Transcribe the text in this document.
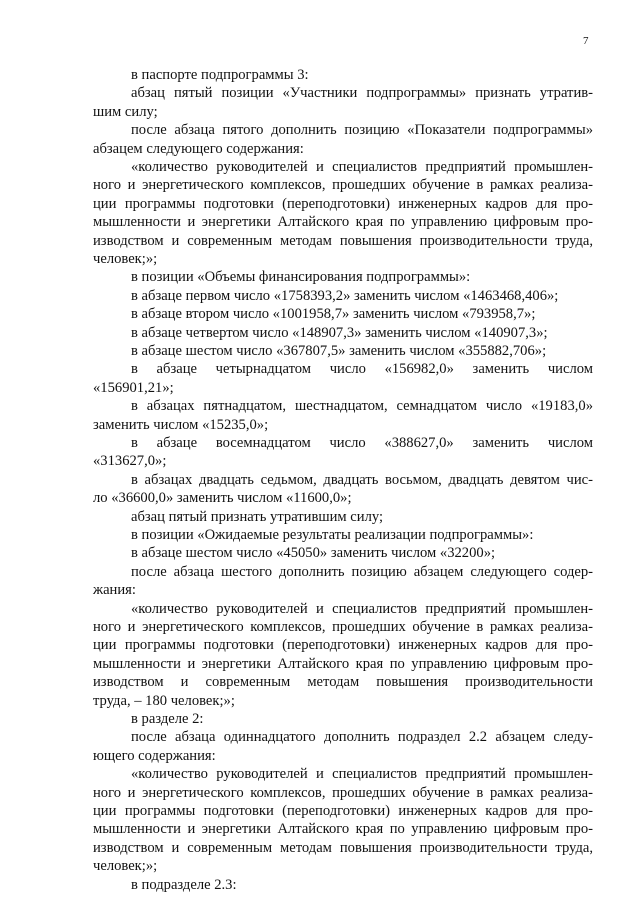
7
в паспорте подпрограммы 3:
абзац пятый позиции «Участники подпрограммы» признать утратив-
шим силу;
после абзаца пятого дополнить позицию «Показатели подпрограммы»
абзацем следующего содержания:
«количество руководителей и специалистов предприятий промышлен-
ного и энергетического комплексов, прошедших обучение в рамках реализа-
ции программы подготовки (переподготовки) инженерных кадров для про-
мышленности и энергетики Алтайского края по управлению цифровым про-
изводством и современным методам повышения производительности труда,
человек;»;
в позиции «Объемы финансирования подпрограммы»:
в абзаце первом число «1758393,2» заменить числом «1463468,406»;
в абзаце втором число «1001958,7» заменить числом «793958,7»;
в абзаце четвертом число «148907,3» заменить числом «140907,3»;
в абзаце шестом число «367807,5» заменить числом «355882,706»;
в абзаце четырнадцатом число «156982,0» заменить числом
«156901,21»;
в абзацах пятнадцатом, шестнадцатом, семнадцатом число «19183,0»
заменить числом «15235,0»;
в абзаце восемнадцатом число «388627,0» заменить числом
«313627,0»;
в абзацах двадцать седьмом, двадцать восьмом, двадцать девятом чис-
ло «36600,0» заменить числом «11600,0»;
абзац пятый признать утратившим силу;
в позиции «Ожидаемые результаты реализации подпрограммы»:
в абзаце шестом число «45050» заменить числом «32200»;
после абзаца шестого дополнить позицию абзацем следующего содер-
жания:
«количество руководителей и специалистов предприятий промышлен-
ного и энергетического комплексов, прошедших обучение в рамках реализа-
ции программы подготовки (переподготовки) инженерных кадров для про-
мышленности и энергетики Алтайского края по управлению цифровым про-
изводством и современным методам повышения производительности
труда, – 180 человек;»;
в разделе 2:
после абзаца одиннадцатого дополнить подраздел 2.2 абзацем следу-
ющего содержания:
«количество руководителей и специалистов предприятий промышлен-
ного и энергетического комплексов, прошедших обучение в рамках реализа-
ции программы подготовки (переподготовки) инженерных кадров для про-
мышленности и энергетики Алтайского края по управлению цифровым про-
изводством и современным методам повышения производительности труда,
человек;»;
в подразделе 2.3:
